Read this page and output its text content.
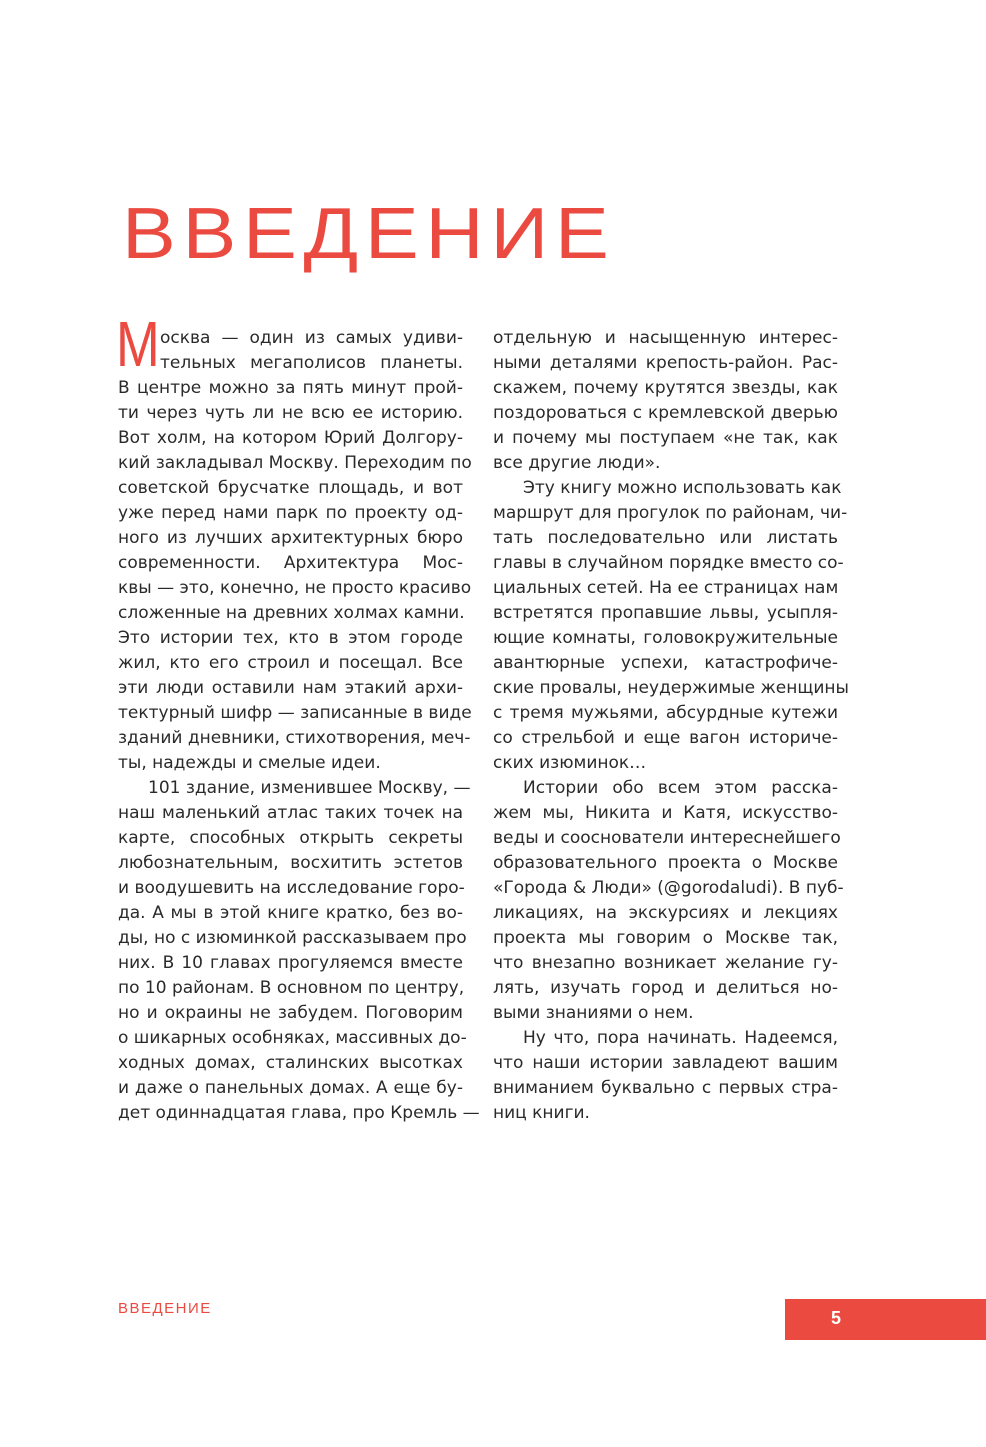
ВВЕДЕНИЕ
М осква — один из самых удиви-
тельных мегаполисов планеты.
В центре можно за пять минут прой-
ти через чуть ли не всю ее историю.
Вот холм, на котором Юрий Долгору-
кий закладывал Москву. Переходим по
советской брусчатке площадь, и вот
уже перед нами парк по проекту од-
ного из лучших архитектурных бюро
современности. Архитектура Мос-
квы — это, конечно, не просто красиво
сложенные на древних холмах камни.
Это истории тех, кто в этом городе
жил, кто его строил и посещал. Все
эти люди оставили нам этакий архи-
тектурный шифр — записанные в виде
зданий дневники, стихотворения, меч-
ты, надежды и смелые идеи.
101 здание, изменившее Москву, —
наш маленький атлас таких точек на
карте, способных открыть секреты
любознательным, восхитить эстетов
и воодушевить на исследование горо-
да. А мы в этой книге кратко, без во-
ды, но с изюминкой рассказываем про
них. В 10 главах прогуляемся вместе
по 10 районам. В основном по центру,
но и окраины не забудем. Поговорим
о шикарных особняках, массивных до-
ходных домах, сталинских высотках
и даже о панельных домах. А еще бу-
дет одиннадцатая глава, про Кремль —
отдельную и насыщенную интерес-
ными деталями крепость-район. Рас-
скажем, почему крутятся звезды, как
поздороваться с кремлевской дверью
и почему мы поступаем «не так, как
все другие люди».
Эту книгу можно использовать как
маршрут для прогулок по районам, чи-
тать последовательно или листать
главы в случайном порядке вместо со-
циальных сетей. На ее страницах нам
встретятся пропавшие львы, усыпля-
ющие комнаты, головокружительные
авантюрные успехи, катастрофиче-
ские провалы, неудержимые женщины
с тремя мужьями, абсурдные кутежи
со стрельбой и еще вагон историче-
ских изюминок…
Истории обо всем этом расска-
жем мы, Никита и Катя, искусство-
веды и сооснователи интереснейшего
образовательного проекта о Москве
«Города & Люди» (@gorodaludi). В пуб-
ликациях, на экскурсиях и лекциях
проекта мы говорим о Москве так,
что внезапно возникает желание гу-
лять, изучать город и делиться но-
выми знаниями о нем.
Ну что, пора начинать. Надеемся,
что наши истории завладеют вашим
вниманием буквально с первых стра-
ниц книги.
ВВЕДЕНИЕ	5
